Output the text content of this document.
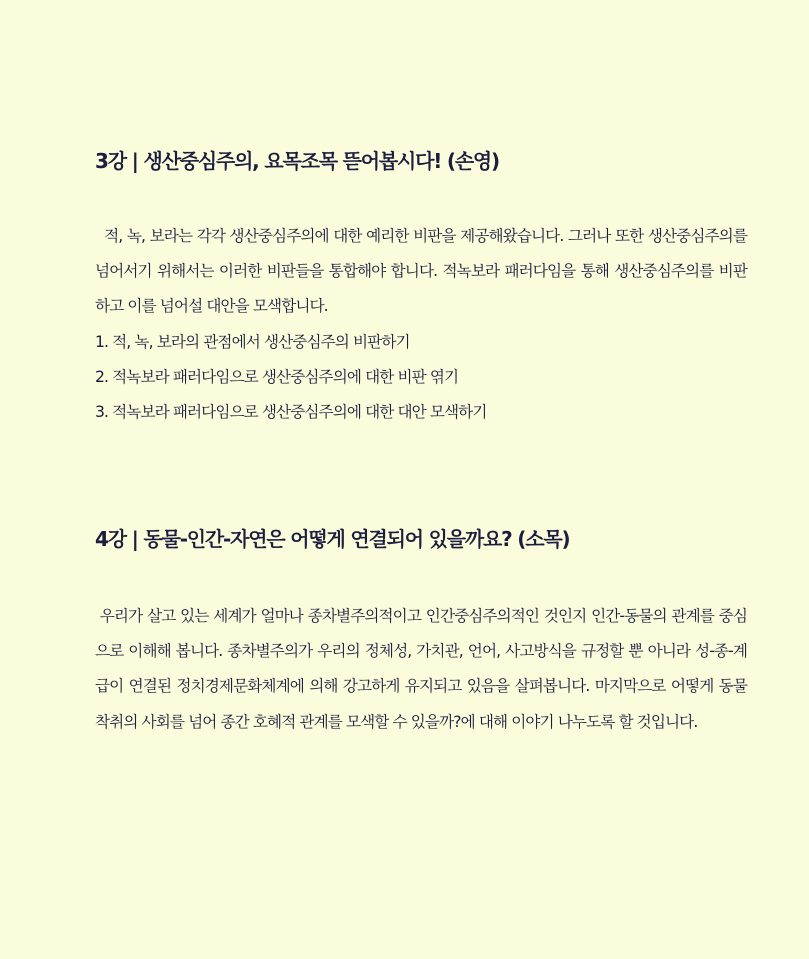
3강 | 생산중심주의, 요목조목 뜯어봅시다! (손영)

적, 녹, 보라는 각각 생산중심주의에 대한 예리한 비판을 제공해왔습니다. 그러나 또한 생산중심주의를 넘어서기 위해서는 이러한 비판들을 통합해야 합니다. 적녹보라 패러다임을 통해 생산중심주의를 비판하고 이를 넘어설 대안을 모색합니다.

1. 적, 녹, 보라의 관점에서 생산중심주의 비판하기

2. 적녹보라 패러다임으로 생산중심주의에 대한 비판 엮기

3. 적녹보라 패러다임으로 생산중심주의에 대한 대안 모색하기

4강 | 동물-인간-자연은 어떻게 연결되어 있을까요? (소목)

우리가 살고 있는 세계가 얼마나 종차별주의적이고 인간중심주의적인 것인지 인간-동물의 관계를 중심으로 이해해 봅니다. 종차별주의가 우리의 정체성, 가치관, 언어, 사고방식을 규정할 뿐 아니라 성-종-계급이 연결된 정치경제문화체계에 의해 강고하게 유지되고 있음을 살펴봅니다. 마지막으로 어떻게 동물착취의 사회를 넘어 종간 호혜적 관계를 모색할 수 있을까?에 대해 이야기 나누도록 할 것입니다.
